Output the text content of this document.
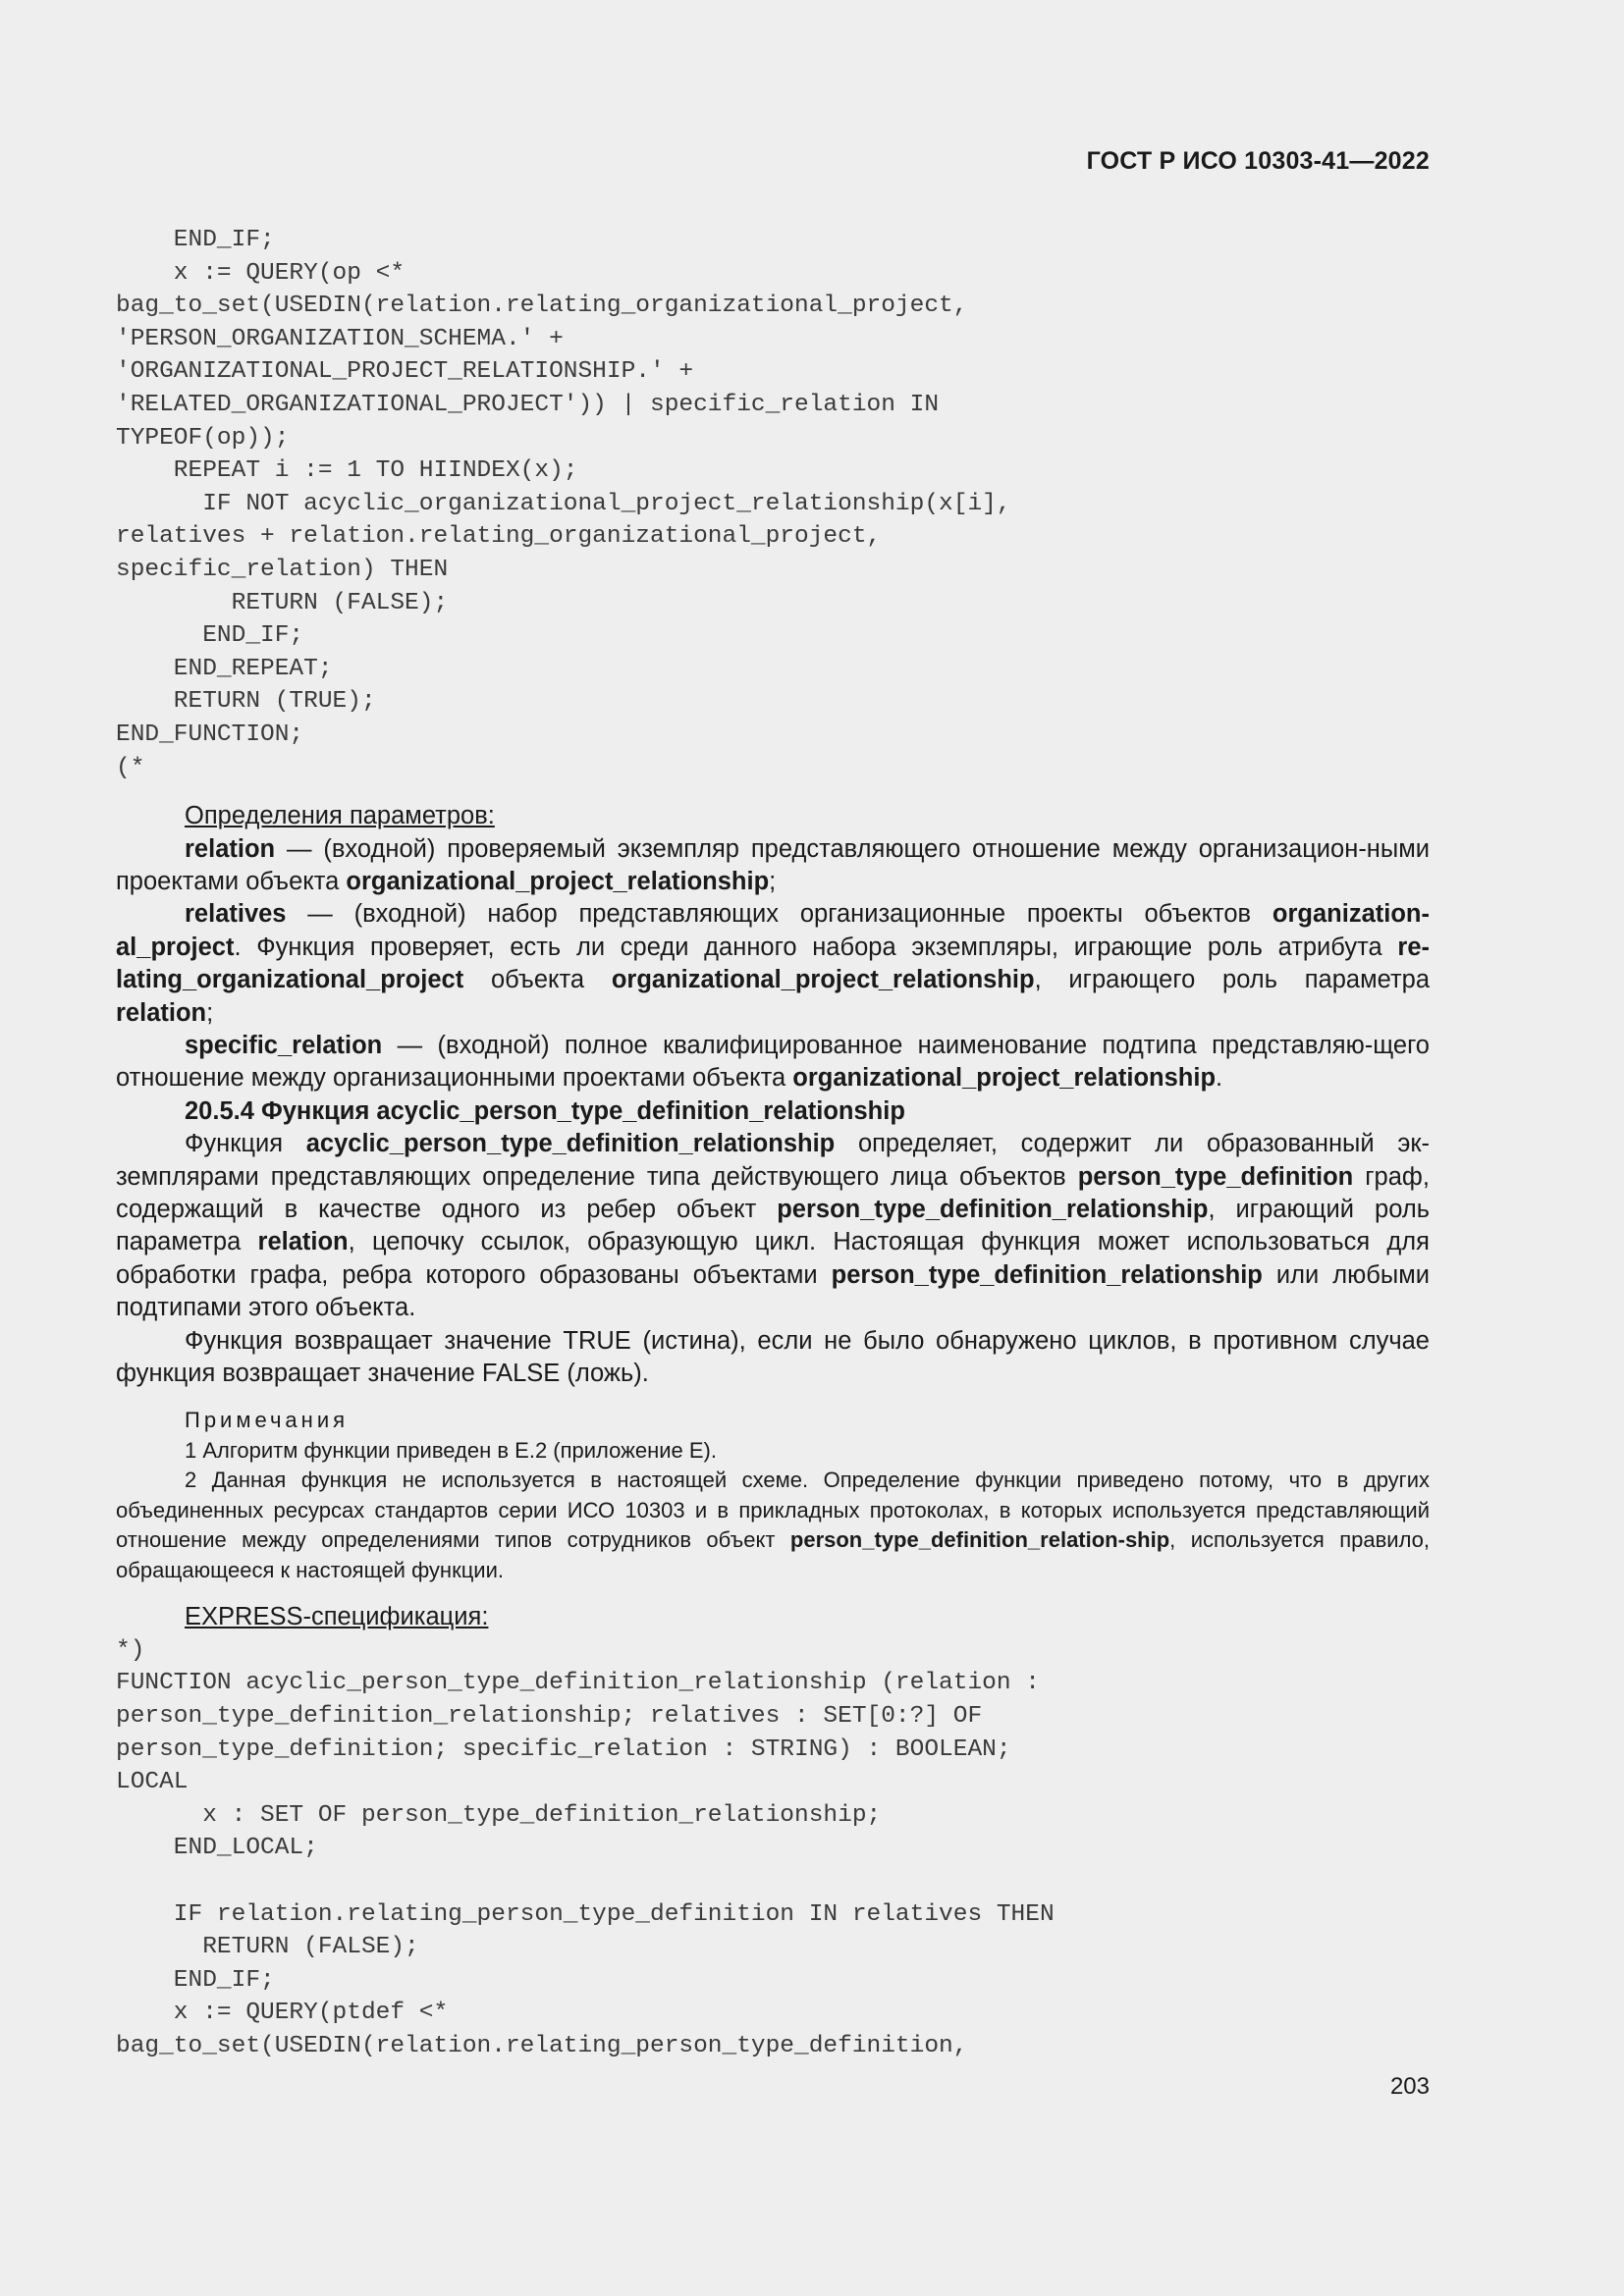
ГОСТ Р ИСО 10303-41—2022
END_IF;
x := QUERY(op <*
bag_to_set(USEDIN(relation.relating_organizational_project,
'PERSON_ORGANIZATION_SCHEMA.' +
'ORGANIZATIONAL_PROJECT_RELATIONSHIP.' +
'RELATED_ORGANIZATIONAL_PROJECT')) | specific_relation IN
TYPEOF(op));
REPEAT i := 1 TO HIINDEX(x);
IF NOT acyclic_organizational_project_relationship(x[i],
relatives + relation.relating_organizational_project,
specific_relation) THEN
RETURN (FALSE);
END_IF;
END_REPEAT;
RETURN (TRUE);
END_FUNCTION;
(*

Определения параметров:

relation — (входной) проверяемый экземпляр представляющего отношение между организацион-ными проектами объекта organizational_project_relationship;

relatives — (входной) набор представляющих организационные проекты объектов organization-al_project. Функция проверяет, есть ли среди данного набора экземпляры, играющие роль атрибута re-lating_organizational_project объекта organizational_project_relationship, играющего роль параметра relation;

specific_relation — (входной) полное квалифицированное наименование подтипа представляю-щего отношение между организационными проектами объекта organizational_project_relationship.

20.5.4 Функция acyclic_person_type_definition_relationship

Функция acyclic_person_type_definition_relationship определяет, содержит ли образованный эк-земплярами представляющих определение типа действующего лица объектов person_type_definition граф, содержащий в качестве одного из ребер объект person_type_definition_relationship, играющий роль параметра relation, цепочку ссылок, образующую цикл. Настоящая функция может использоваться для обработки графа, ребра которого образованы объектами person_type_definition_relationship или любыми подтипами этого объекта.

Функция возвращает значение TRUE (истина), если не было обнаружено циклов, в противном случае функция возвращает значение FALSE (ложь).

Примечания

1 Алгоритм функции приведен в Е.2 (приложение Е).

2 Данная функция не используется в настоящей схеме. Определение функции приведено потому, что в других объединенных ресурсах стандартов серии ИСО 10303 и в прикладных протоколах, в которых используется представляющий отношение между определениями типов сотрудников объект person_type_definition_relation-ship, используется правило, обращающееся к настоящей функции.

EXPRESS-спецификация:

*)
FUNCTION acyclic_person_type_definition_relationship (relation :
person_type_definition_relationship; relatives : SET[0:?] OF
person_type_definition; specific_relation : STRING) : BOOLEAN;
LOCAL
x : SET OF person_type_definition_relationship;
END_LOCAL;

IF relation.relating_person_type_definition IN relatives THEN
RETURN (FALSE);
END_IF;
x := QUERY(ptdef <*
bag_to_set(USEDIN(relation.relating_person_type_definition,
203
